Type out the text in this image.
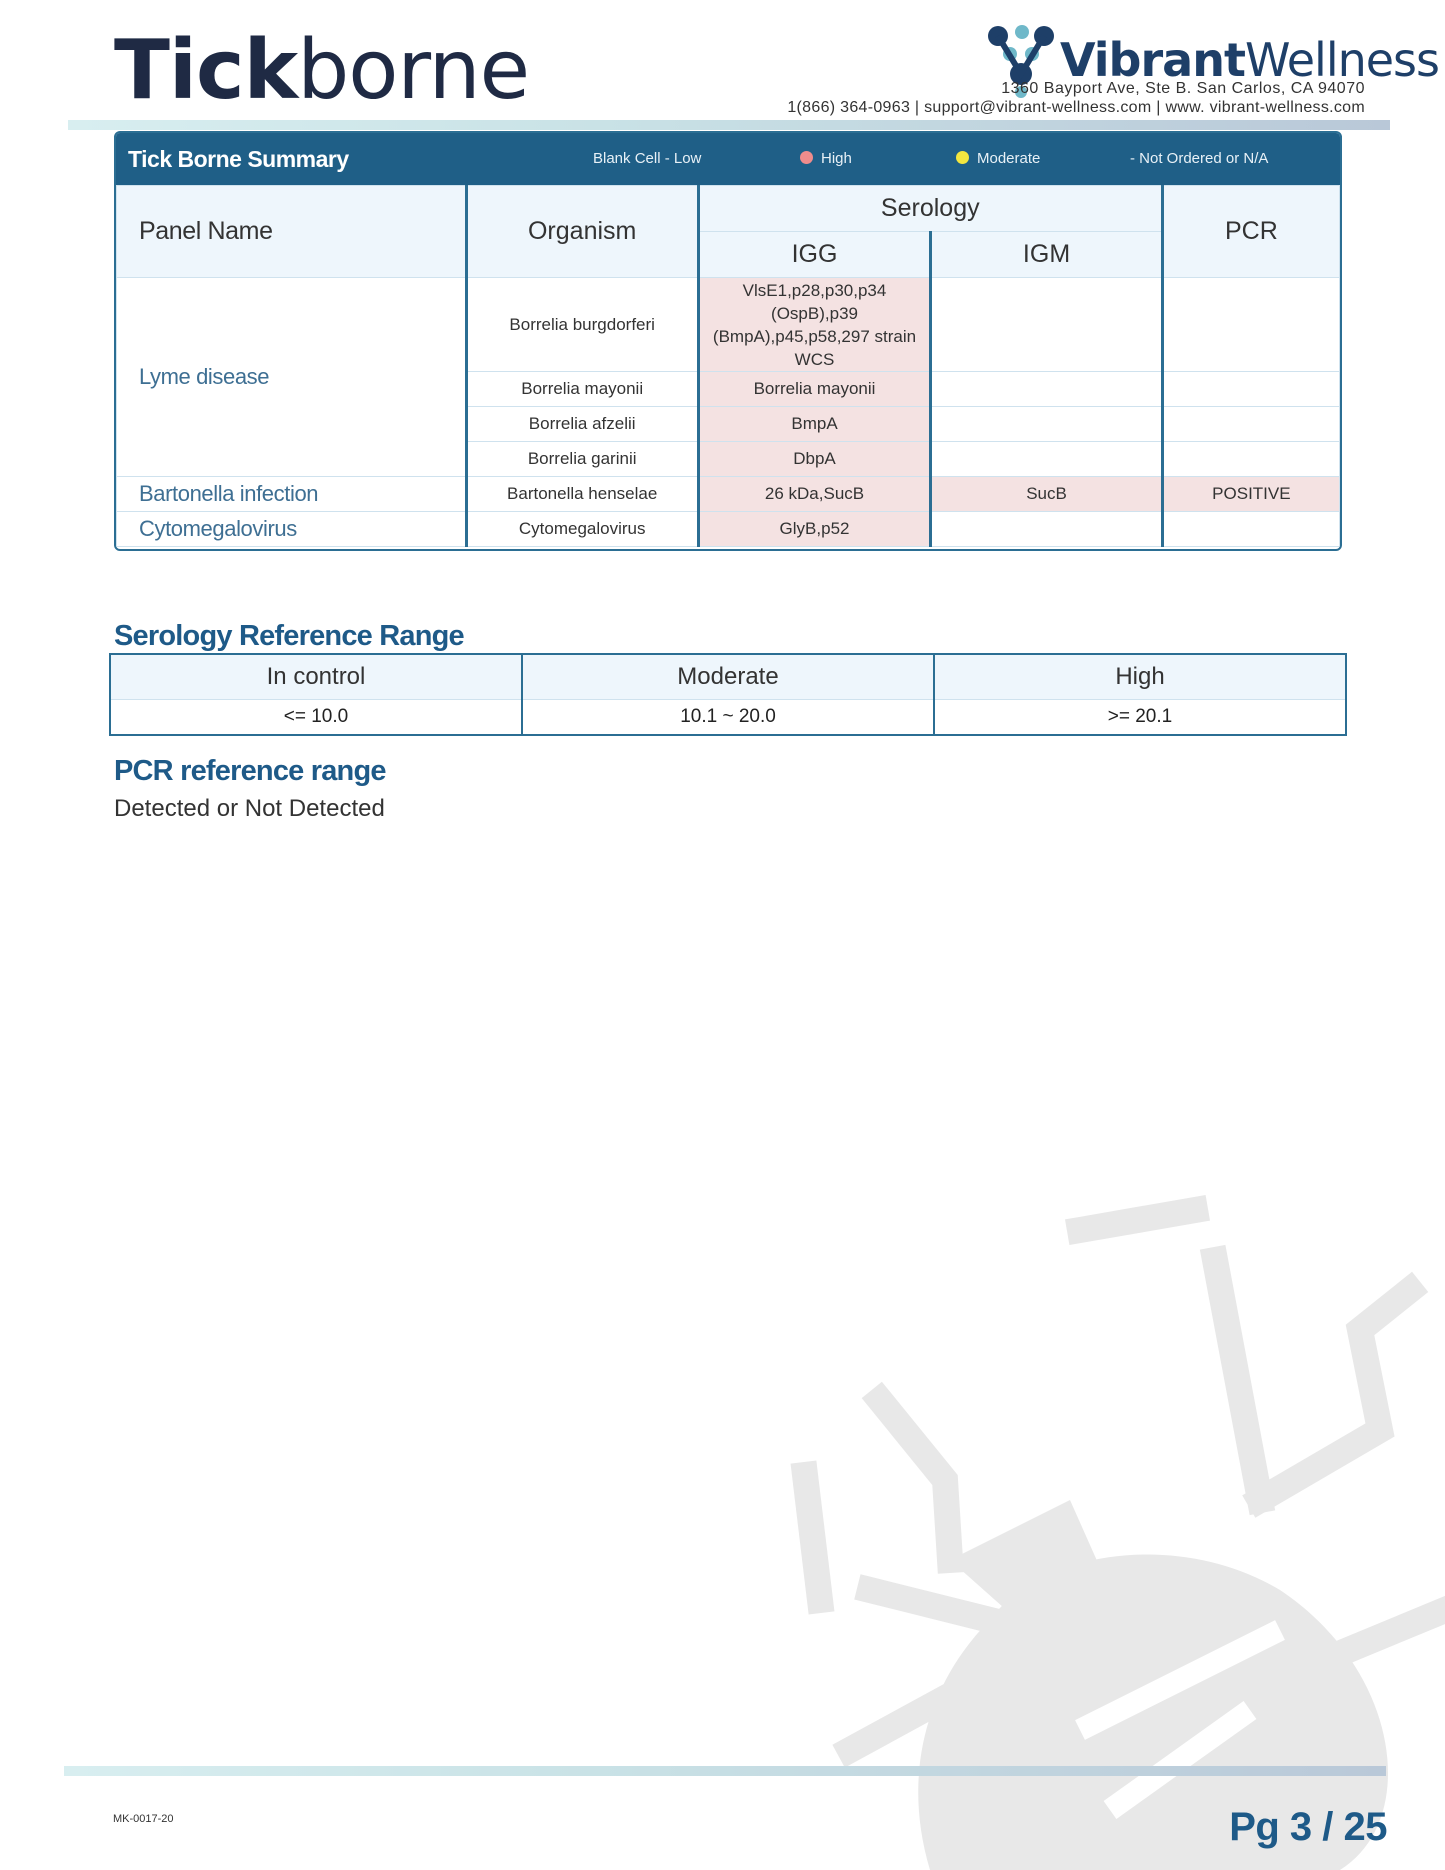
Tickborne	VibrantWellness
1360 Bayport Ave, Ste B. San Carlos, CA 94070
1(866) 364-0963 | support@vibrant-wellness.com | www. vibrant-wellness.com
Tick Borne Summary	Blank Cell - Low	High	Moderate	- Not Ordered or N/A
Panel Name	Organism	Serology		PCR
		IGG	IGM	
Lyme disease	Borrelia burgdorferi	VlsE1,p28,p30,p34 (OspB),p39 (BmpA),p45,p58,297 strain WCS		
	Borrelia mayonii	Borrelia mayonii		
	Borrelia afzelii	BmpA		
	Borrelia garinii	DbpA		
Bartonella infection	Bartonella henselae	26 kDa,SucB	SucB	POSITIVE
Cytomegalovirus	Cytomegalovirus	GlyB,p52		
Serology Reference Range
In control	Moderate	High
<= 10.0	10.1 ~ 20.0	>= 20.1
PCR reference range
Detected or Not Detected
MK-0017-20	Pg 3 / 25
